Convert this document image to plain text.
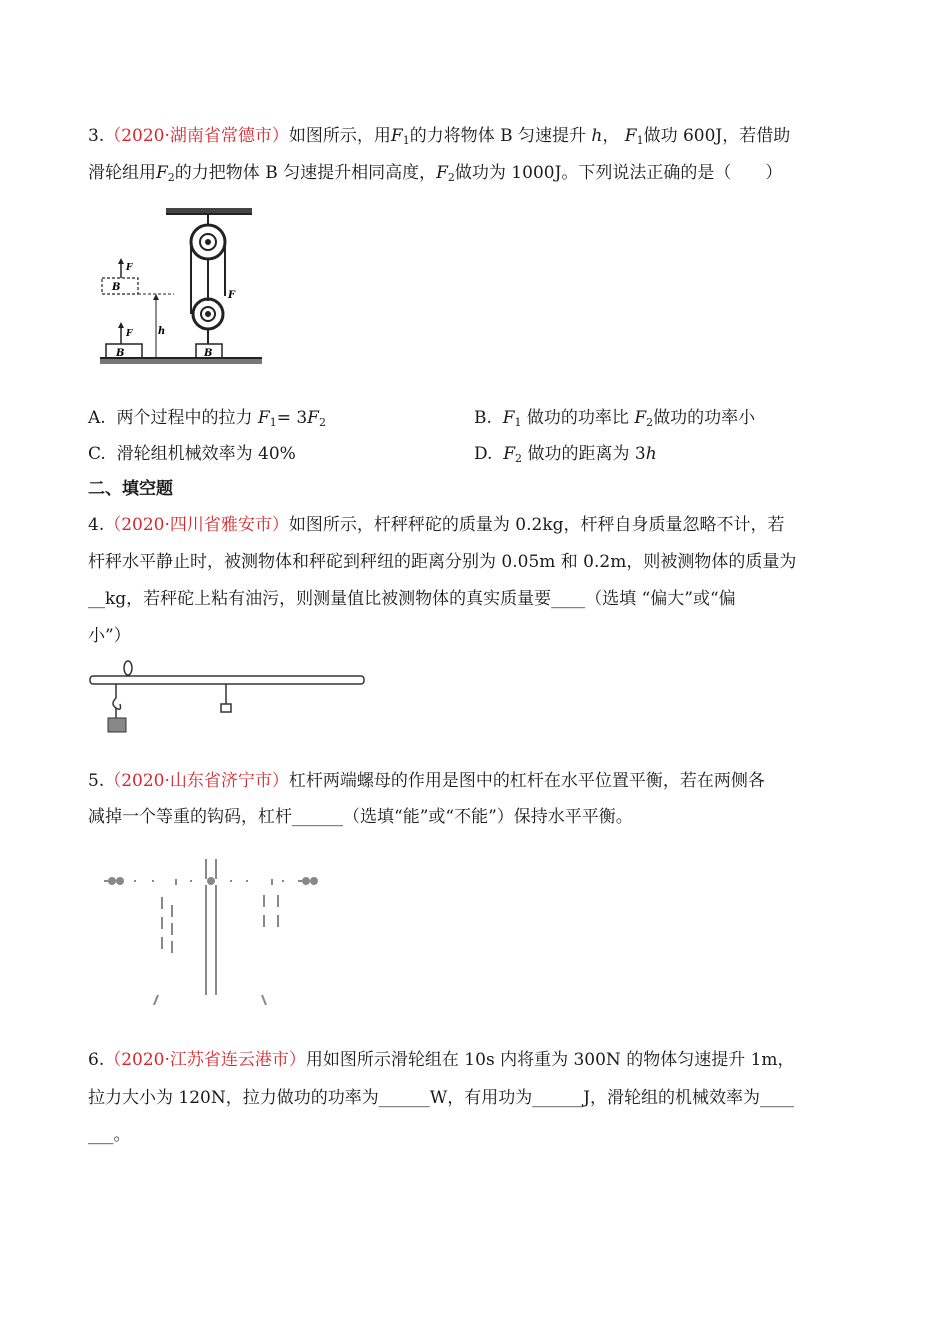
3.（2020·湖南省常德市）如图所示，用$F_1$的力将物体 B 匀速提升 h， $F_1$做功 600J，若借助
滑轮组用$F_2$的力把物体 B 匀速提升相同高度，$F_2$做功为 1000J。下列说法正确的是（　　）
F
B
B
B
F
F	h
A. 两个过程中的拉力 $F_1= 3F_2$	B. $F_1$ 做功的功率比 $F_2$做功的功率小
C. 滑轮组机械效率为 40%	D. $F_2$ 做功的距离为 3h
二、填空题
4.（2020·四川省雅安市）如图所示，杆秤秤砣的质量为 0.2kg，杆秤自身质量忽略不计，若
杆秤水平静止时，被测物体和秤砣到秤纽的距离分别为 0.05m 和 0.2m，则被测物体的质量为
__kg，若秤砣上粘有油污，则测量值比被测物体的真实质量要____（选填 “偏大”或“偏
小”）
5.（2020·山东省济宁市）杠杆两端螺母的作用是图中的杠杆在水平位置平衡，若在两侧各
减掉一个等重的钩码，杠杆______（选填“能”或“不能”）保持水平平衡。
6.（2020·江苏省连云港市）用如图所示滑轮组在 10s 内将重为 300N 的物体匀速提升 1m，
拉力大小为 120N，拉力做功的功率为______W，有用功为______J，滑轮组的机械效率为____
___。
